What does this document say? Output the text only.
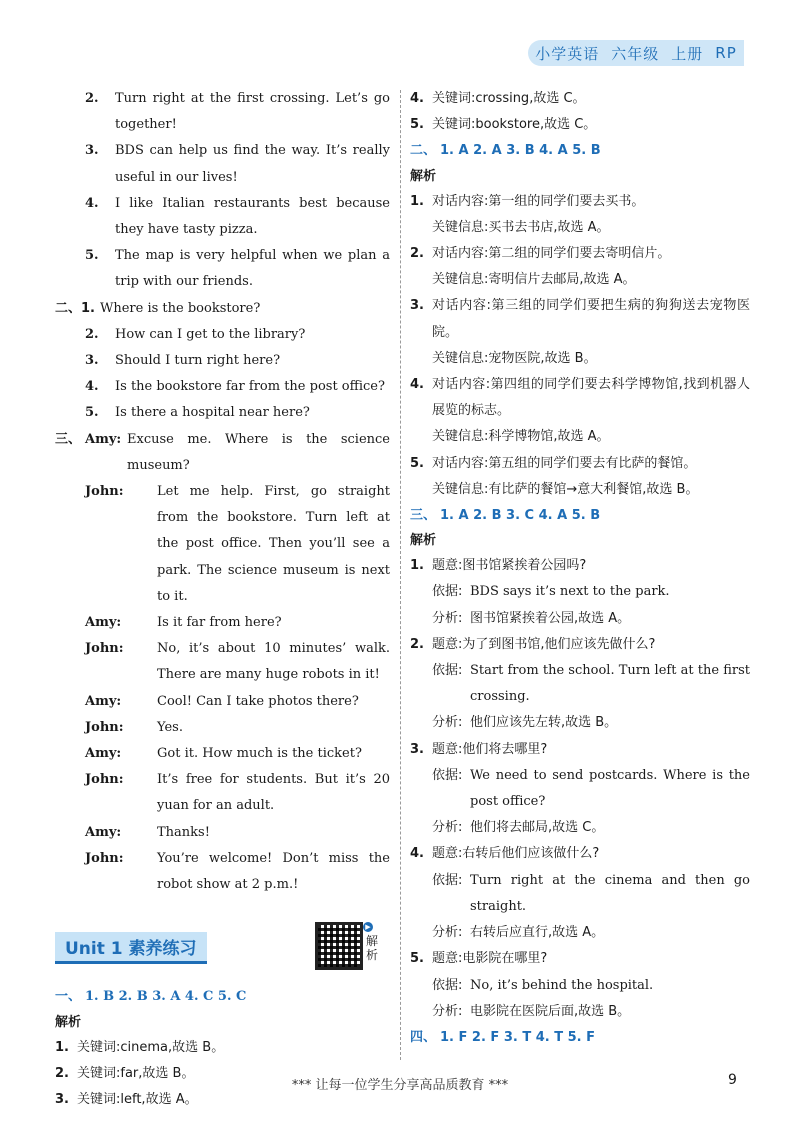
小学英语 六年级 上册 RP
2.	Turn right at the first crossing. Let’s go together!
3.	BDS can help us find the way. It’s really useful in our lives!
4.	I like Italian restaurants best because they have tasty pizza.
5.	The map is very helpful when we plan a trip with our friends.
二、1. Where is the bookstore?
2.	How can I get to the library?
3.	Should I turn right here?
4.	Is the bookstore far from the post office?
5.	Is there a hospital near here?
三、 Amy: Excuse me. Where is the science museum?
John:	Let me help. First, go straight from the bookstore. Turn left at the post office. Then you’ll see a park. The science museum is next to it.
Amy:	Is it far from here?
John:	No, it’s about 10 minutes’ walk. There are many huge robots in it!
Amy:	Cool! Can I take photos there?
John:	Yes.
Amy:	Got it. How much is the ticket?
John:	It’s free for students. But it’s 20 yuan for an adult.
Amy:	Thanks!
John:	You’re welcome! Don’t miss the robot show at 2 p.m.!
Unit 1 素养练习
▶
解析
一、 1. B 2. B 3. A 4. C 5. C
解析
1. 关键词:cinema,故选 B。
2. 关键词:far,故选 B。
3. 关键词:left,故选 A。
4. 关键词:crossing,故选 C。
5. 关键词:bookstore,故选 C。
二、 1. A 2. A 3. B 4. A 5. B
解析
1. 对话内容:第一组的同学们要去买书。
关键信息:买书去书店,故选 A。
2. 对话内容:第二组的同学们要去寄明信片。
关键信息:寄明信片去邮局,故选 A。
3. 对话内容:第三组的同学们要把生病的狗狗送去宠物医院。
关键信息:宠物医院,故选 B。
4. 对话内容:第四组的同学们要去科学博物馆,找到机器人展览的标志。
关键信息:科学博物馆,故选 A。
5. 对话内容:第五组的同学们要去有比萨的餐馆。
关键信息:有比萨的餐馆→意大利餐馆,故选 B。
三、 1. A 2. B 3. C 4. A 5. B
解析
1. 题意:图书馆紧挨着公园吗?
依据: BDS says it’s next to the park.
分析: 图书馆紧挨着公园,故选 A。
2. 题意:为了到图书馆,他们应该先做什么?
依据: Start from the school. Turn left at the first crossing.
分析: 他们应该先左转,故选 B。
3. 题意:他们将去哪里?
依据: We need to send postcards. Where is the post office?
分析: 他们将去邮局,故选 C。
4. 题意:右转后他们应该做什么?
依据: Turn right at the cinema and then go straight.
分析: 右转后应直行,故选 A。
5. 题意:电影院在哪里?
依据: No, it’s behind the hospital.
分析: 电影院在医院后面,故选 B。
四、 1. F 2. F 3. T 4. T 5. F
*** 让每一位学生分享高品质教育 ***	9
